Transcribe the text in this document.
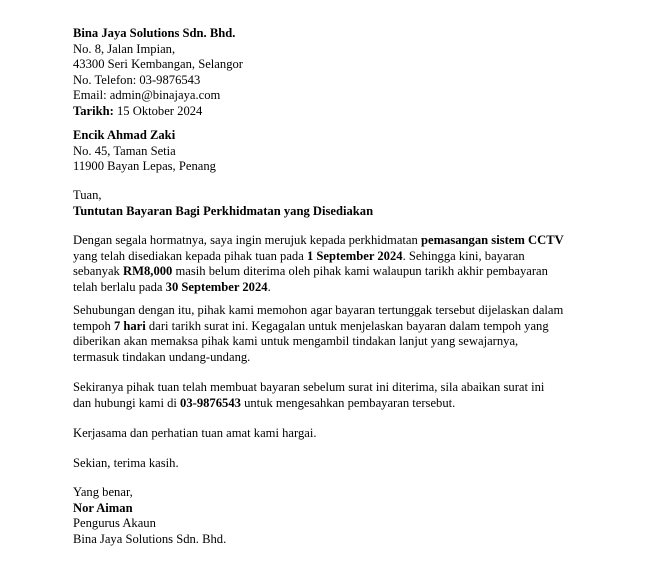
Bina Jaya Solutions Sdn. Bhd.
No. 8, Jalan Impian,
43300 Seri Kembangan, Selangor
No. Telefon: 03-9876543
Email: admin@binajaya.com
Tarikh: 15 Oktober 2024
Encik Ahmad Zaki
No. 45, Taman Setia
11900 Bayan Lepas, Penang
Tuan,
Tuntutan Bayaran Bagi Perkhidmatan yang Disediakan
Dengan segala hormatnya, saya ingin merujuk kepada perkhidmatan pemasangan sistem CCTV
yang telah disediakan kepada pihak tuan pada 1 September 2024. Sehingga kini, bayaran
sebanyak RM8,000 masih belum diterima oleh pihak kami walaupun tarikh akhir pembayaran
telah berlalu pada 30 September 2024.
Sehubungan dengan itu, pihak kami memohon agar bayaran tertunggak tersebut dijelaskan dalam
tempoh 7 hari dari tarikh surat ini. Kegagalan untuk menjelaskan bayaran dalam tempoh yang
diberikan akan memaksa pihak kami untuk mengambil tindakan lanjut yang sewajarnya,
termasuk tindakan undang-undang.
Sekiranya pihak tuan telah membuat bayaran sebelum surat ini diterima, sila abaikan surat ini
dan hubungi kami di 03-9876543 untuk mengesahkan pembayaran tersebut.
Kerjasama dan perhatian tuan amat kami hargai.
Sekian, terima kasih.
Yang benar,
Nor Aiman
Pengurus Akaun
Bina Jaya Solutions Sdn. Bhd.
